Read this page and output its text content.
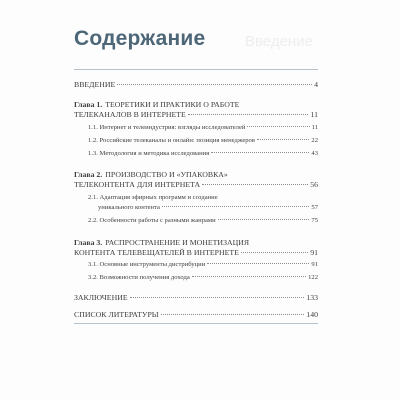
Введение
Содержание
ВВЕДЕНИЕ	4
Глава 1. ТЕОРЕТИКИ И ПРАКТИКИ О РАБОТЕ
ТЕЛЕКАНАЛОВ В ИНТЕРНЕТЕ	11
1.1. Интернет и телеиндустрия: взгляды исследователей	11
1.2. Российские телеканалы и онлайн: позиция менеджеров	22
1.3. Методология и методика исследования	43
Глава 2. ПРОИЗВОДСТВО И «УПАКОВКА»
ТЕЛЕКОНТЕНТА ДЛЯ ИНТЕРНЕТА	56
2.1. Адаптация эфирных программ и создание
уникального контента	57
2.2. Особенности работы с разными жанрами	75
Глава 3. РАСПРОСТРАНЕНИЕ И МОНЕТИЗАЦИЯ
КОНТЕНТА ТЕЛЕВЕЩАТЕЛЕЙ В ИНТЕРНЕТЕ	91
3.1. Основные инструменты дистрибуции	91
3.2. Возможности получения дохода	122
ЗАКЛЮЧЕНИЕ	133
СПИСОК ЛИТЕРАТУРЫ	140
